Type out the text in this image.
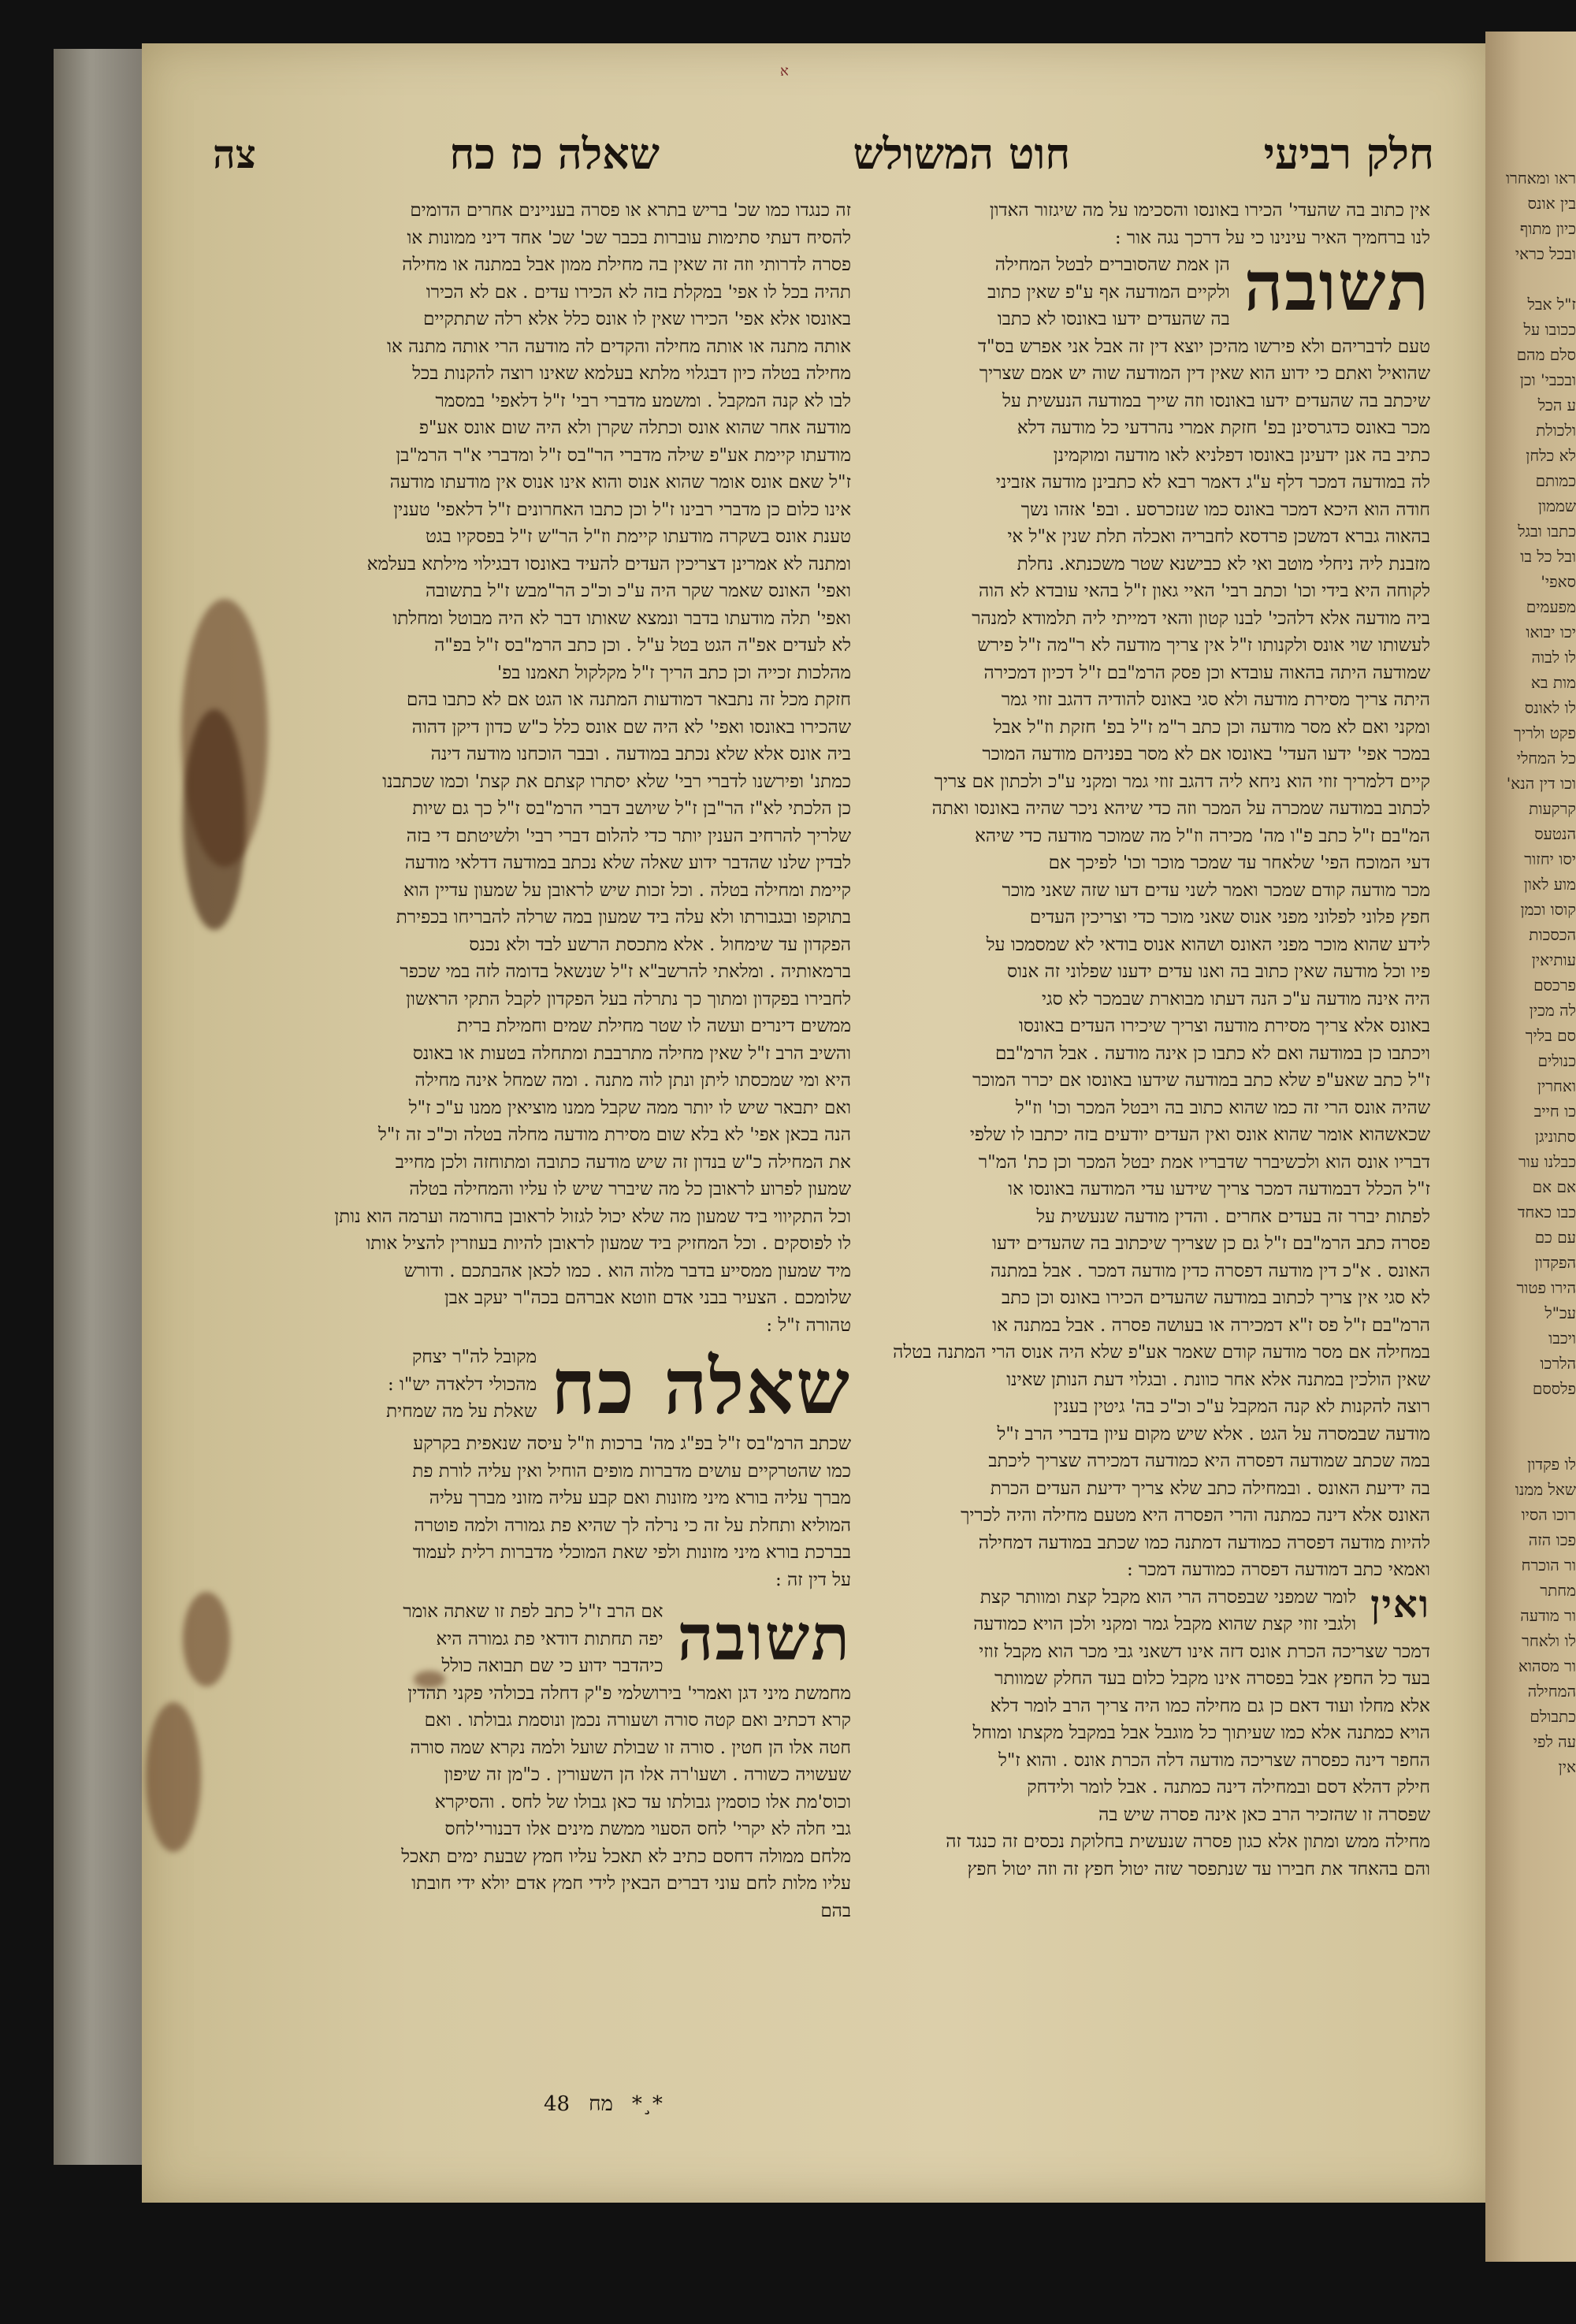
ראו ומאחרו
בין אונס
כיון מתוף
ובכל כראי

ז"ל אבל
ככובו על
סלם מהם
ובכבי' וכן
ע הכל
ולכולת
לא כלחן
כמותם
שממון
כתבו ובגל
ובל כל בו
סאפי'
מפעמים
יכו יבואו
לו לבוה
מות בא
לו לאונס
פקט ולריך
כל המחלי
וכו דין הנא'
קרקעות
הנטעס
יסו יחזור
מוע לאון
קוסו וכמן
הכסכות
עותיאין
פרכסם
לה מכין
סם בליך
כנולים
ואחרין
כו חייב
סתוניגן
כבלנו עור
אם אם
כבו כאחד
עם כם
הפקדון
הירו פטור
עכ"ל
ויכבו
הלרכו
פלססם

לו פקדון
שאל ממנו
רוכו הסיו
פכו הזה
ור הוכרח
מחתר
ור מודעה
לו ולאחר
ור מסהוא
המחילה
כתבולם
עה לפי
אין
א
חלק רביעי
חוט המשולש
שאלה כז כח
צה
אין כתוב בה שהעדי' הכירו באונסו והסכימו על מה שיגזור האדון
לנו ברחמיך האיר עינינו כי על דרכך נגה אור :
תשובה
הן אמת שהסוברים לבטל המחילה
ולקיים המודעה אף ע"פ שאין כתוב
בה שהעדים ידעו באונסו לא כתבו
טעם לדבריהם ולא פירשו מהיכן יוצא דין זה אבל אני אפרש בס"ד
שהואיל ואתם כי ידוע הוא שאין דין המודעה שוה יש אמם שצריך
שיכתב בה שהעדים ידעו באונסו וזה שייך במודעה הנעשית על
מכר באונס כדגרסינן בפ' חזקת אמרי נהרדעי כל מודעה דלא
כתיב בה אנן ידעינן באונסו דפלניא לאו מודעה ומוקמינן
לה במודעה דמכר דלף ע"ג דאמר רבא לא כתבינן מודעה אזביני
חודה הוא היכא דמכר באונס כמו שנזכרסע . ובפ' אזהו נשך
בהאוה גברא דמשכן פרדסא לחבריה ואכלה תלת שנין א"ל אי
מזבנת ליה ניחלי מוטב ואי לא כבישנא שטר משכנתא. נחלת
לקוחה היא בידי וכו' וכתב רבי' האיי גאון ז"ל בהאי עובדא לא הוה
ביה מודעה אלא דלהכי' לבנו קטון והאי דמייתי ליה תלמודא למנהר
לעשותו שוי אונס ולקנותו ז"ל אין צריך מודעה לא ר"מה ז"ל פירש
שמודעה היתה בהאוה עובדא וכן פסק הרמ"בם ז"ל דכיון דמכירה
היתה צריך מסירת מודעה ולא סגי באונס להודיה דהגב זוזי גמר
ומקני ואם לא מסר מודעה וכן כתב ר"מ ז"ל בפ' חזקת וז"ל אבל
במכר אפי' ידעו העדי' באונסו אם לא מסר בפניהם מודעה המוכר
קיים דלמריך זוזי הוא ניחא ליה דהגב זוזי גמר ומקני ע"כ ולכתון אם צריך
לכתוב במודעה שמכרה על המכר וזה כדי שיהא ניכר שהיה באונסו ואתה
המ"בם ז"ל כתב פ"ו מה' מכירה וז"ל מה שמוכר מודעה כדי שיהא
דעי המוכח הפי' שלאחר עד שמכר מוכר וכו' לפיכך אם
מכר מודעה קודם שמכר ואמר לשני עדים דעו שזה שאני מוכר
חפץ פלוני לפלוני מפני אנוס שאני מוכר כדי וצריכין העדים
לידע שהוא מוכר מפני האונס ושהוא אנוס בודאי לא שמסמכו על
פיו וכל מודעה שאין כתוב בה ואנו עדים ידענו שפלוני זה אנוס
היה אינה מודעה ע"כ הנה דעתו מבוארת שבמכר לא סגי
באונס אלא צריך מסירת מודעה וצריך שיכירו העדים באונסו
ויכתבו כן במודעה ואם לא כתבו כן אינה מודעה . אבל הרמ"בם
ז"ל כתב שאע"פ שלא כתב במודעה שידעו באונסו אם יכרר המוכר
שהיה אונס הרי זה כמו שהוא כתוב בה ויבטל המכר וכו' וז"ל
שכאשהוא אומר שהוא אונס ואין העדים יודעים בזה יכתבו לו שלפי
דבריו אונס הוא ולכשיברר שדבריו אמת יבטל המכר וכן כת' המ"ר
ז"ל הכלל דבמודעה דמכר צריך שידעו עדי המודעה באונסו או
לפתות יברר זה בעדים אחרים . והדין מודעה שנעשית על
פסרה כתב הרמ"בם ז"ל גם כן שצריך שיכתוב בה שהעדים ידעו
האונס . א"כ דין מודעה דפסרה כדין מודעה דמכר . אבל במתנה
לא סגי אין צריך לכתוב במודעה שהעדים הכירו באונס וכן כתב
הרמ"בם ז"ל פס ז"א דמכירה או בעושה פסרה . אבל במתנה או
במחילה אם מסר מודעה קודם שאמר אע"פ שלא היה אנוס הרי המתנה בטלה
שאין הולכין במתנה אלא אחר כוונת . ובגלוי דעת הנותן שאינו
רוצה להקנות לא קנה המקבל ע"כ וכ"כ בה' גיטין בענין
מודעה שבמסרה על הגט . אלא שיש מקום עיון בדברי הרב ז"ל
במה שכתב שמודעה דפסרה היא כמודעה דמכירה שצריך ליכתב
בה ידיעת האונס . ובמחילה כתב שלא צריך ידיעת העדים הכרת
האונס אלא דינה כמתנה והרי הפסרה היא מטעם מחילה והיה לכריך
להיות מודעה דפסרה כמודעה דמתנה כמו שכתב במודעה דמחילה
ואמאי כתב דמודעה דפסרה כמודעה דמכר :
ואין
לומר שמפני שבפסרה הרי הוא מקבל קצת ומוותר קצת
ולגבי זוזי קצת שהוא מקבל גמר ומקני ולכן הויא כמודעה
דמכר שצריכה הכרת אונס דזה אינו דשאני גבי מכר הוא מקבל זוזי
בעד כל החפץ אבל בפסרה אינו מקבל כלום בעד החלק שמוותר
אלא מחלו ועוד דאם כן גם מחילה כמו היה צריך הרב לומר דלא
הויא כמתנה אלא כמו שעיתוך כל מוגבל אבל במקבל מקצתו ומוחל
החפר דינה כפסרה שצריכה מודעה דלה הכרת אונס . והוא ז"ל
חילק דהלא דסם ובמחילה דינה כמתנה . אבל לומר ולידחק
שפסרה זו שהזכיר הרב כאן אינה פסרה שיש בה
מחילה ממש ומתון אלא כגון פסרה שנעשית בחלוקת נכסים זה כנגד זה
והם בהאחד את חבירו עד שנתפסר שזה יטול חפץ זה וזה יטול חפץ
זה כנגדו כמו שכ' בריש בתרא או פסרה בעניינים אחרים הדומים
להסיח דעתי סתימות עוברות בכבר שכ' שכ' אחד דיני ממונות או
פסרה לדרותי וזה זה שאין בה מחילת ממון אבל במתנה או מחילה
תהיה בכל לו אפי' במקלת בזה לא הכירו עדים . אם לא הכירו
באונסו אלא אפי' הכירו שאין לו אונס כלל אלא רלה שתתקיים
אותה מתנה או אותה מחילה והקדים לה מודעה הרי אותה מתנה או
מחילה בטלה כיון דבגלוי מלתא בעלמא שאינו רוצה להקנות בכל
לבו לא קנה המקבל . ומשמע מדברי רבי' ז"ל דלאפי' במסמר
מודעה אחר שהוא אונס וכתלה שקרן ולא היה שום אונס אע"פ
מודעתו קיימת אע"פ שילה מדברי הר"בס ז"ל ומדברי א"ר הרמ"בן
ז"ל שאם אונס אומר שהוא אנוס והוא אינו אנוס אין מודעתו מודעה
אינו כלום כן מדברי רבינו ז"ל וכן כתבו האחרונים ז"ל דלאפי' טענין
טענת אונס בשקרה מודעתו קיימת וז"ל הר"ש ז"ל בפסקיו בגט
ומתנה לא אמרינן דצריכין העדים להעיד באונסו דבגילוי מילתא בעלמא
ואפי' האונס שאמר שקר היה ע"כ וכ"כ הר"מבש ז"ל בתשובה
ואפי' תלה מודעתו בדבר ונמצא שאותו דבר לא היה מבוטל ומחלתו
לא לעדים אפ"ה הגט בטל ע"ל . וכן כתב הרמ"בס ז"ל בפ"ה
מהלכות זכייה וכן כתב הריך ז"ל מקלקול תאמנו בפ'
חזקת מכל זה נתבאר דמודעות המתנה או הגט אם לא כתבו בהם
שהכירו באונסו ואפי' לא היה שם אונס כלל כ"ש כדון דיקן דהוה
ביה אונס אלא שלא נכתב במודעה . ובבר הוכחנו מודעה דינה
כמתנ' ופירשנו לדברי רבי' שלא יסתרו קצתם את קצת' וכמו שכתבנו
כן הלכתי לא"ז הר"בן ז"ל שיושב דברי הרמ"בס ז"ל כך גם שיות
שלריך להרחיב הענין יותר כדי להלום דברי רבי' ולשיטתם די בזה
לבדין שלנו שהדבר ידוע שאלה שלא נכתב במודעה דדלאי מודעה
קיימת ומחילה בטלה . וכל זכות שיש לראובן על שמעון עדיין הוא
בתוקפו ובגבורתו ולא עלה ביד שמעון במה שרלה להבריחו בכפירת
הפקדון עד שימחול . אלא מתכסת הרשע לבד ולא נכנס
ברמאותיה . ומלאתי להרשב"א ז"ל שנשאל בדומה לזה במי שכפר
לחבירו בפקדון ומתוך כך נתרלה בעל הפקדון לקבל התקי הראשון
ממשים דינרים ועשה לו שטר מחילת שמים וחמילת ברית
והשיב הרב ז"ל שאין מחילה מתרבבת ומתחלה בטעות או באונס
היא ומי שמכסתו ליתן ונתן לוה מתנה . ומה שמחל אינה מחילה
ואם יתבאר שיש לו יותר ממה שקבל ממנו מוציאין ממנו ע"כ ז"ל
הנה בכאן אפי' לא בלא שום מסירת מודעה מחלה בטלה וכ"כ זה ז"ל
את המחילה כ"ש בנדון זה שיש מודעה כתובה ומתוחזה ולכן מחייב
שמעון לפרוע לראובן כל מה שיברר שיש לו עליו והמחילה בטלה
וכל התקיווי ביד שמעון מה שלא יכול לגזול לראובן בחורמה וערמה הוא נותן
לו לפוסקים . וכל המחזיק ביד שמעון לראובן להיות בעוזרין להציל אותו
מיד שמעון ממסייע בדבר מלוה הוא . כמו לכאן אהבתכם . ודורש
שלומכם . הצעיר בבני אדם וזוטא אברהם בכה"ר יעקב אבן
טהורה ז"ל :
שאלה כח
מקובל לה"ר יצחק
מהכולי דלאדה יש"ו :
שאלת על מה שמחית
שכתב הרמ"בס ז"ל בפ"ג מה' ברכות וז"ל עיסה שנאפית בקרקע
כמו שהטרקיים עושים מדברות מופים הוחיל ואין עליה לורת פת
מברך עליה בורא מיני מזונות ואם קבע עליה מזוני מברך עליה
המוליא ותחלת על זה כי נרלה לך שהיא פת גמורה ולמה פוטרה
בברכת בורא מיני מזונות ולפי שאת המוכלי מדברות רלית לעמוד
על דין זה :
תשובה
אם הרב ז"ל כתב לפת זו שאתה אומר
יפה תחתות דודאי פת גמורה היא
כיהדבר ידוע כי שם תבואה כולל
מחמשת מיני דגן ואמרי' בירושלמי פ"ק דחלה בכולהי פקני תהדין
קרא דכתיב ואם קטה סורה ושעורה נכמן ונוסמת גבולתו . ואם
חטה אלו הן חטין . סורה זו שבולת שועל ולמה נקרא שמה סורה
שעשויה כשורה . ושעו'רה אלו הן השעורין . כ"מן זה שיפון
וכוס'מת אלו כוסמין גבולתו עד כאן גבולו של לחס . והסיקרא
גבי חלה לא יקרי' לחס הסעוי ממשת מינים אלו דבנורי'לחס
מלחם ממולה דחסם כתיב לא תאכל עליו חמץ שבעת ימים תאכל
עליו מלות לחם עוני דברים הבאין לידי חמץ אדם יולא ידי חובתו
בהם
48 מח *¸*
